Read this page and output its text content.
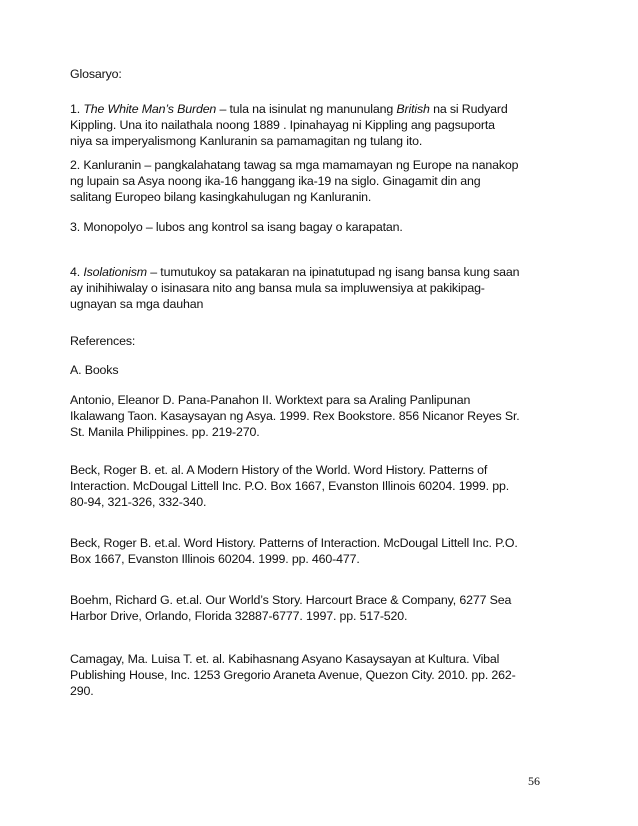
Glosaryo:
1. The White Man’s Burden – tula na isinulat ng manunulang British na si Rudyard
Kippling. Una ito nailathala noong 1889 . Ipinahayag ni Kippling ang pagsuporta
niya sa imperyalismong Kanluranin sa pamamagitan ng tulang ito.
2. Kanluranin – pangkalahatang tawag sa mga mamamayan ng Europe na nanakop
ng lupain sa Asya noong ika-16 hanggang ika-19 na siglo. Ginagamit din ang
salitang Europeo bilang kasingkahulugan ng Kanluranin.
3. Monopolyo – lubos ang kontrol sa isang bagay o karapatan.
4. Isolationism – tumutukoy sa patakaran na ipinatutupad ng isang bansa kung saan
ay inihihiwalay o isinasara nito ang bansa mula sa impluwensiya at pakikipag-
ugnayan sa mga dauhan
References:
A. Books
Antonio, Eleanor D. Pana-Panahon II. Worktext para sa Araling Panlipunan
Ikalawang Taon. Kasaysayan ng Asya. 1999. Rex Bookstore. 856 Nicanor Reyes Sr.
St. Manila Philippines. pp. 219-270.
Beck, Roger B. et. al. A Modern History of the World. Word History. Patterns of
Interaction. McDougal Littell Inc. P.O. Box 1667, Evanston Illinois 60204. 1999. pp.
80-94, 321-326, 332-340.
Beck, Roger B. et.al. Word History. Patterns of Interaction. McDougal Littell Inc. P.O.
Box 1667, Evanston Illinois 60204. 1999. pp. 460-477.
Boehm, Richard G. et.al. Our World’s Story. Harcourt Brace & Company, 6277 Sea
Harbor Drive, Orlando, Florida 32887-6777. 1997. pp. 517-520.
Camagay, Ma. Luisa T. et. al. Kabihasnang Asyano Kasaysayan at Kultura. Vibal
Publishing House, Inc. 1253 Gregorio Araneta Avenue, Quezon City. 2010. pp. 262-
290.
56
